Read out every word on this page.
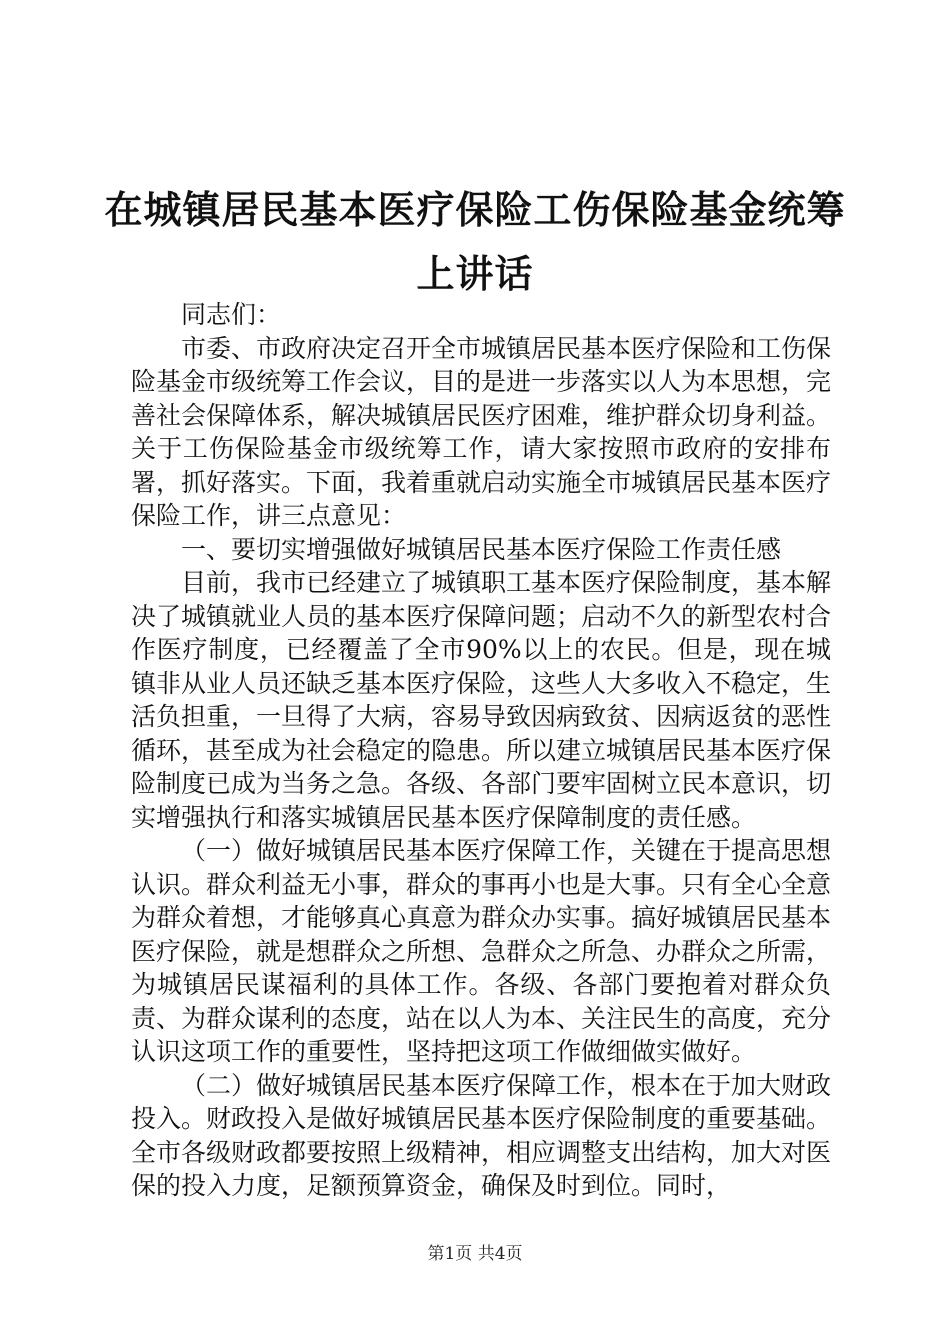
在城镇居民基本医疗保险工伤保险基金统筹上讲话

同志们：

市委、市政府决定召开全市城镇居民基本医疗保险和工伤保险基金市级统筹工作会议，目的是进一步落实以人为本思想，完善社会保障体系，解决城镇居民医疗困难，维护群众切身利益。关于工伤保险基金市级统筹工作，请大家按照市政府的安排布署，抓好落实。下面，我着重就启动实施全市城镇居民基本医疗保险工作，讲三点意见：

一、要切实增强做好城镇居民基本医疗保险工作责任感

目前，我市已经建立了城镇职工基本医疗保险制度，基本解决了城镇就业人员的基本医疗保障问题；启动不久的新型农村合作医疗制度，已经覆盖了全市90%以上的农民。但是，现在城镇非从业人员还缺乏基本医疗保险，这些人大多收入不稳定，生活负担重，一旦得了大病，容易导致因病致贫、因病返贫的恶性循环，甚至成为社会稳定的隐患。所以建立城镇居民基本医疗保险制度已成为当务之急。各级、各部门要牢固树立民本意识，切实增强执行和落实城镇居民基本医疗保障制度的责任感。

（一）做好城镇居民基本医疗保障工作，关键在于提高思想认识。群众利益无小事，群众的事再小也是大事。只有全心全意为群众着想，才能够真心真意为群众办实事。搞好城镇居民基本医疗保险，就是想群众之所想、急群众之所急、办群众之所需，为城镇居民谋福利的具体工作。各级、各部门要抱着对群众负责、为群众谋利的态度，站在以人为本、关注民生的高度，充分认识这项工作的重要性，坚持把这项工作做细做实做好。

（二）做好城镇居民基本医疗保障工作，根本在于加大财政投入。财政投入是做好城镇居民基本医疗保险制度的重要基础。全市各级财政都要按照上级精神，相应调整支出结构，加大对医保的投入力度，足额预算资金，确保及时到位。同时，

第1页 共4页
